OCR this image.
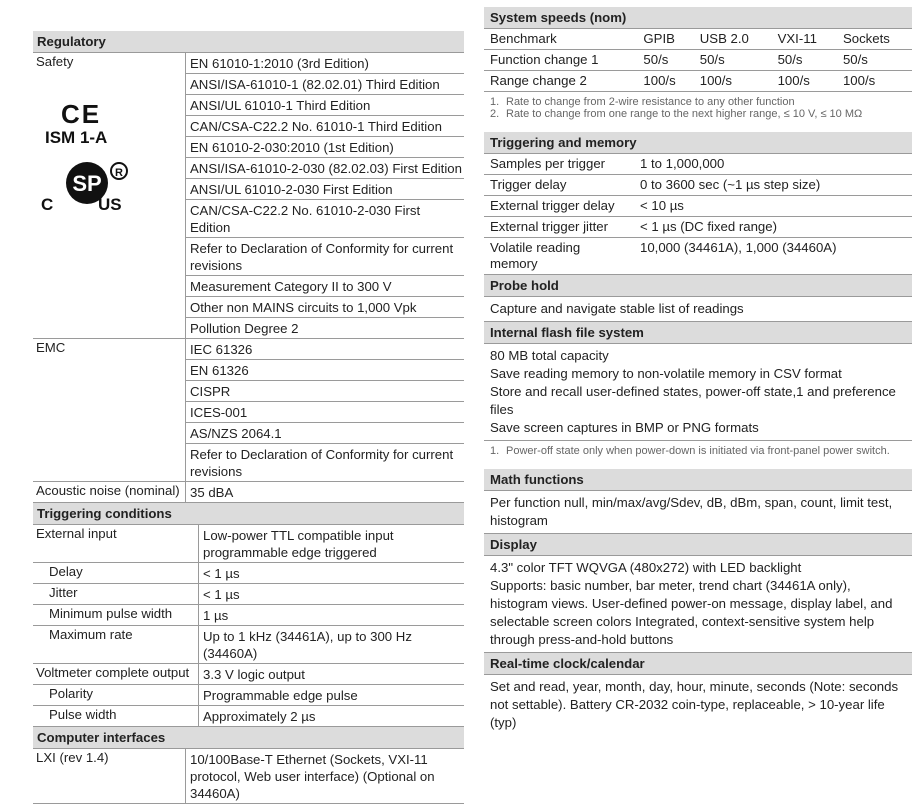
Regulatory
CE
ISM 1-A
SP R
C US
Safety	EN 61010-1:2010 (3rd Edition)
	ANSI/ISA-61010-1 (82.02.01) Third Edition
	ANSI/UL 61010-1 Third Edition
	CAN/CSA-C22.2 No. 61010-1 Third Edition
	EN 61010-2-030:2010 (1st Edition)
	ANSI/ISA-61010-2-030 (82.02.03) First Edition
	ANSI/UL 61010-2-030 First Edition
	CAN/CSA-C22.2 No. 61010-2-030 First Edition
	Refer to Declaration of Conformity for current revisions
	Measurement Category II to 300 V
	Other non MAINS circuits to 1,000 Vpk
	Pollution Degree 2
EMC	IEC 61326
	EN 61326
	CISPR
	ICES-001
	AS/NZS 2064.1
	Refer to Declaration of Conformity for current revisions
Acoustic noise (nominal)	35 dBA
Triggering conditions
External input	Low-power TTL compatible input programmable edge triggered
Delay	< 1 µs
Jitter	< 1 µs
Minimum pulse width	1 µs
Maximum rate	Up to 1 kHz (34461A), up to 300 Hz (34460A)
Voltmeter complete output	3.3 V logic output
Polarity	Programmable edge pulse
Pulse width	Approximately 2 µs
Computer interfaces
LXI (rev 1.4)	10/100Base-T Ethernet (Sockets, VXI-11 protocol, Web user interface) (Optional on 34460A)
System speeds (nom)
Benchmark	GPIB	USB 2.0	VXI-11	Sockets
Function change 1	50/s	50/s	50/s	50/s
Range change 2	100/s	100/s	100/s	100/s
1. Rate to change from 2-wire resistance to any other function
2. Rate to change from one range to the next higher range, ≤ 10 V, ≤ 10 MΩ
Triggering and memory
Samples per trigger	1 to 1,000,000
Trigger delay	0 to 3600 sec (~1 µs step size)
External trigger delay	< 10 µs
External trigger jitter	< 1 µs (DC fixed range)
Volatile reading memory	10,000 (34461A), 1,000 (34460A)
Probe hold
Capture and navigate stable list of readings
Internal flash file system
80 MB total capacity
Save reading memory to non-volatile memory in CSV format
Store and recall user-defined states, power-off state,1 and preference files
Save screen captures in BMP or PNG formats
1. Power-off state only when power-down is initiated via front-panel power switch.
Math functions
Per function null, min/max/avg/Sdev, dB, dBm, span, count, limit test, histogram
Display
4.3" color TFT WQVGA (480x272) with LED backlight
Supports: basic number, bar meter, trend chart (34461A only), histogram views. User-defined power-on message, display label, and selectable screen colors Integrated, context-sensitive system help through press-and-hold buttons
Real-time clock/calendar
Set and read, year, month, day, hour, minute, seconds (Note: seconds not settable). Battery CR-2032 coin-type, replaceable, > 10-year life (typ)
